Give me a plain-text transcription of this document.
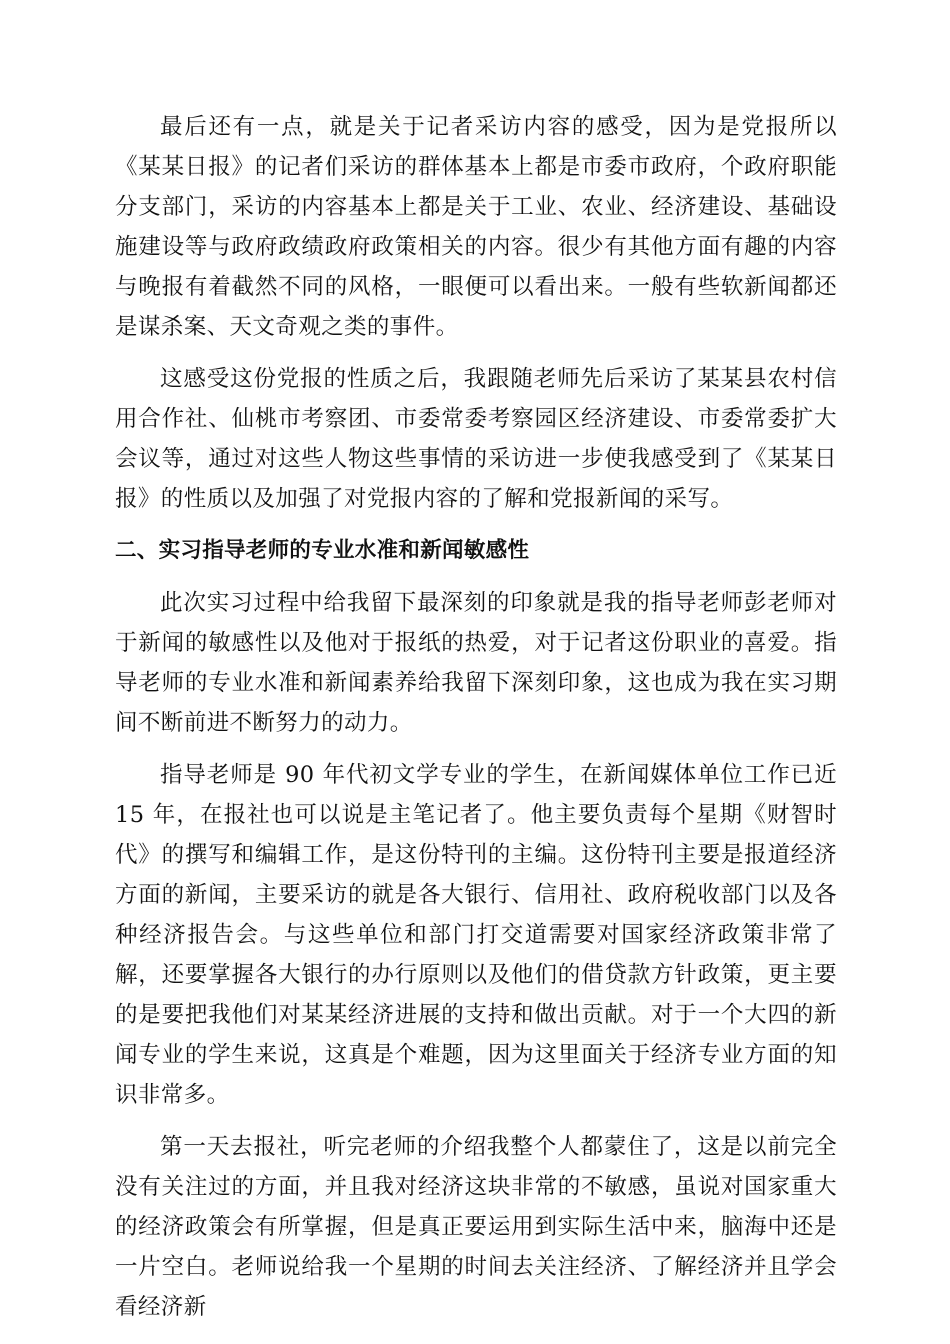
最后还有一点，就是关于记者采访内容的感受，因为是党报所以《某某日报》的记者们采访的群体基本上都是市委市政府，个政府职能分支部门，采访的内容基本上都是关于工业、农业、经济建设、基础设施建设等与政府政绩政府政策相关的内容。很少有其他方面有趣的内容与晚报有着截然不同的风格，一眼便可以看出来。一般有些软新闻都还是谋杀案、天文奇观之类的事件。

这感受这份党报的性质之后，我跟随老师先后采访了某某县农村信用合作社、仙桃市考察团、市委常委考察园区经济建设、市委常委扩大会议等，通过对这些人物这些事情的采访进一步使我感受到了《某某日报》的性质以及加强了对党报内容的了解和党报新闻的采写。

二、实习指导老师的专业水准和新闻敏感性

此次实习过程中给我留下最深刻的印象就是我的指导老师彭老师对于新闻的敏感性以及他对于报纸的热爱，对于记者这份职业的喜爱。指导老师的专业水准和新闻素养给我留下深刻印象，这也成为我在实习期间不断前进不断努力的动力。

指导老师是 90 年代初文学专业的学生，在新闻媒体单位工作已近 15 年，在报社也可以说是主笔记者了。他主要负责每个星期《财智时代》的撰写和编辑工作，是这份特刊的主编。这份特刊主要是报道经济方面的新闻，主要采访的就是各大银行、信用社、政府税收部门以及各种经济报告会。与这些单位和部门打交道需要对国家经济政策非常了解，还要掌握各大银行的办行原则以及他们的借贷款方针政策，更主要的是要把我他们对某某经济进展的支持和做出贡献。对于一个大四的新闻专业的学生来说，这真是个难题，因为这里面关于经济专业方面的知识非常多。

第一天去报社，听完老师的介绍我整个人都蒙住了，这是以前完全没有关注过的方面，并且我对经济这块非常的不敏感，虽说对国家重大的经济政策会有所掌握，但是真正要运用到实际生活中来，脑海中还是一片空白。老师说给我一个星期的时间去关注经济、了解经济并且学会看经济新
